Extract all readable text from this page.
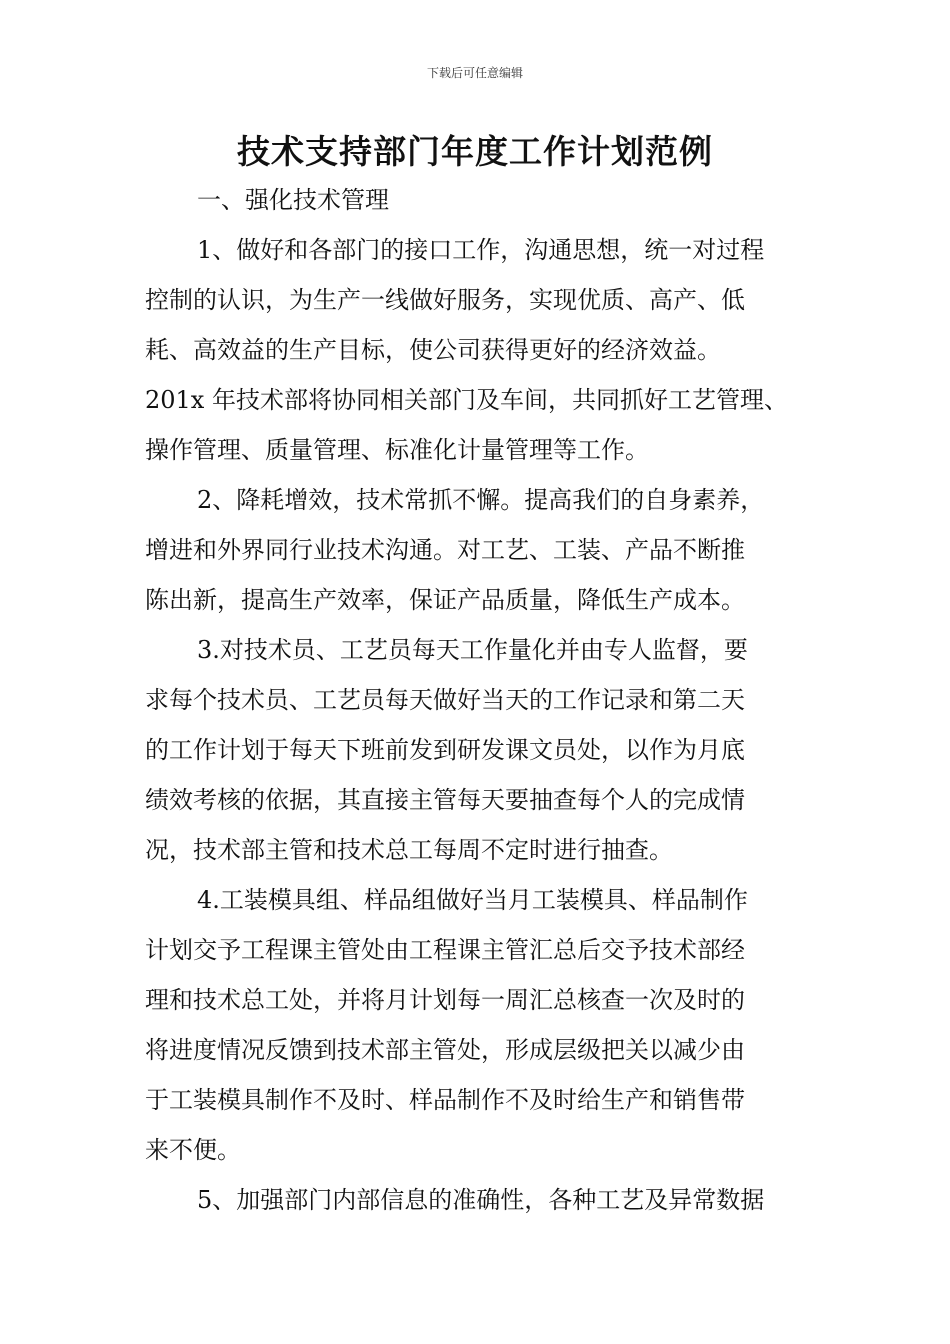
下载后可任意编辑
技术支持部门年度工作计划范例

一、强化技术管理

1、做好和各部门的接口工作，沟通思想，统一对过程
控制的认识，为生产一线做好服务，实现优质、高产、低
耗、高效益的生产目标，使公司获得更好的经济效益。
201x 年技术部将协同相关部门及车间，共同抓好工艺管理、
操作管理、质量管理、标准化计量管理等工作。

2、降耗增效，技术常抓不懈。提高我们的自身素养，
增进和外界同行业技术沟通。对工艺、工装、产品不断推
陈出新，提高生产效率，保证产品质量，降低生产成本。

3.对技术员、工艺员每天工作量化并由专人监督，要
求每个技术员、工艺员每天做好当天的工作记录和第二天
的工作计划于每天下班前发到研发课文员处，以作为月底
绩效考核的依据，其直接主管每天要抽查每个人的完成情
况，技术部主管和技术总工每周不定时进行抽查。

4.工装模具组、样品组做好当月工装模具、样品制作
计划交予工程课主管处由工程课主管汇总后交予技术部经
理和技术总工处，并将月计划每一周汇总核查一次及时的
将进度情况反馈到技术部主管处，形成层级把关以减少由
于工装模具制作不及时、样品制作不及时给生产和销售带
来不便。

5、加强部门内部信息的准确性，各种工艺及异常数据
